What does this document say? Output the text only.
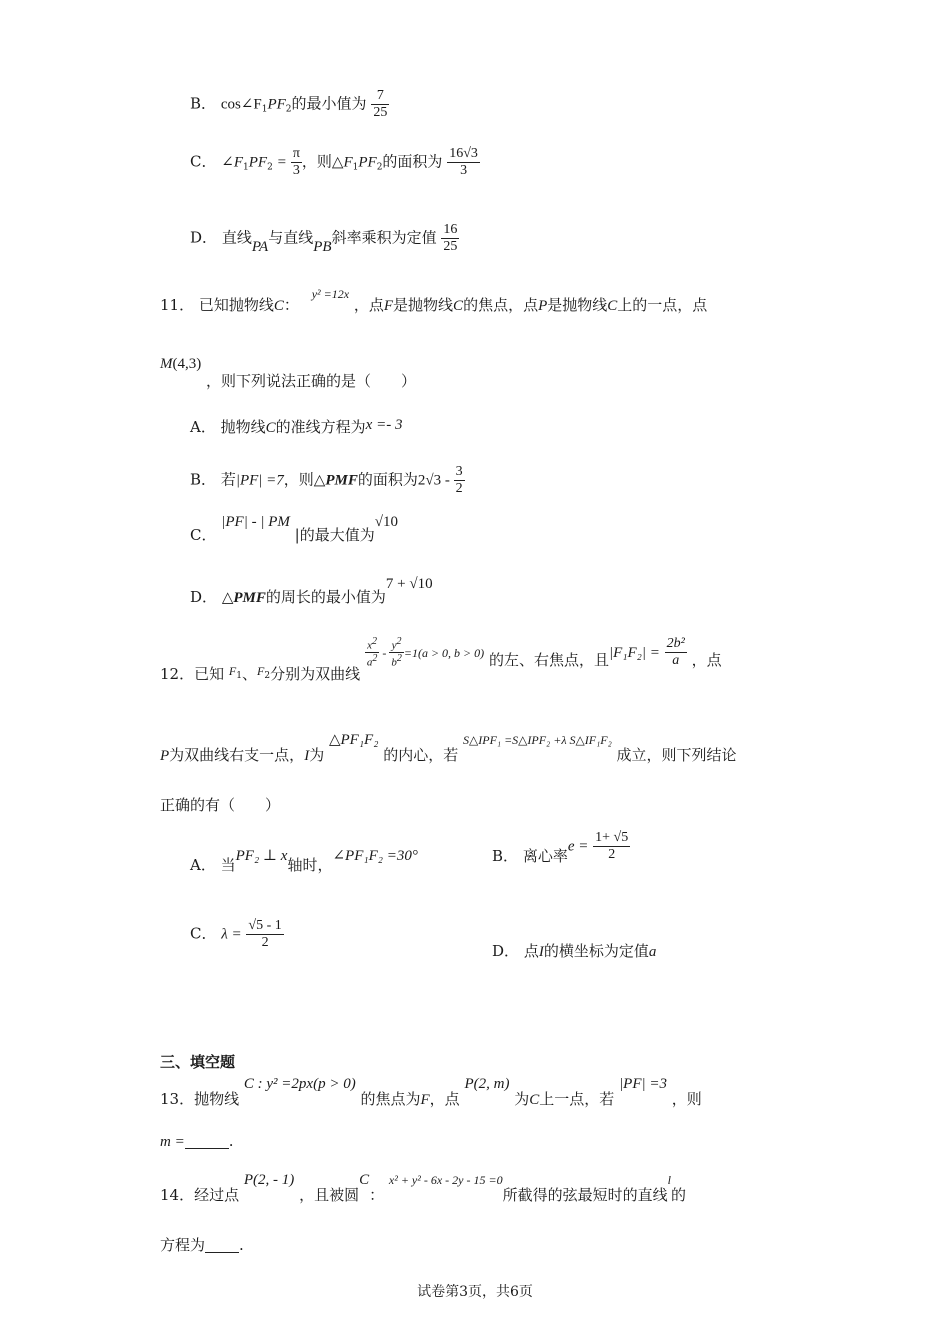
B． $\cos\angle F_1PF_2$的最小值为 $\frac{7}{25}$
C． $\angle F_1PF_2 = \frac{\pi}{3}$ ，则$\triangle F_1PF_2$的面积为 $\frac{16√3}{3}$
D． 直线PA与直线PB斜率乘积为定值 $\frac{16}{25}$
11． 已知抛物线C： $^{y^2 =12x}$ ，点F是抛物线C的焦点，点P是抛物线C上的一点，点
M(4,3) ，则下列说法正确的是（　　）
A． 抛物线C的准线方程为x =- 3
B． 若|PF| =7，则△PMF的面积为$2√3 - \frac{3}{2}$
C． |PF| - | PM |的最大值为√10
D． △PMF的周长的最小值为7 + √10
12．已知 $_{F1}$、$_{F2}$分别为双曲线
$\frac{x^2}{a^2} - \frac{y^2}{b^2} =1(a > 0$, b > 0) 的左、右焦点，且$|F_1F_2| = \frac{\text{2b²}}{a}$ ，点
P为双曲线右支一点，I为 △PF₁F₂ 的内心，若 S△IPF₁ =S△IPF₂ +λ S△IF₁F₂ 成立，则下列结论
正确的有（　　）
A． 当PF₂ ⊥ x轴时，∠PF₁F₂ =30°	B． 离心率$e = \frac{1+ √5}{2}$
C． $\lambda = \frac{√5 - 1}{2}$	D． 点I的横坐标为定值a
三、填空题
13．抛物线 C : y² =2px(p > 0) 的焦点为F，点 P(2, m) 为C上一点，若 |PF| =3 ，则
m =	.
14．经过点 P(2, - 1) ，且被圆C： x² + y² - 6x - 2y - 15 =0所截得的弦最短时的直线l的
方程为 .
试卷第3页，共6页
